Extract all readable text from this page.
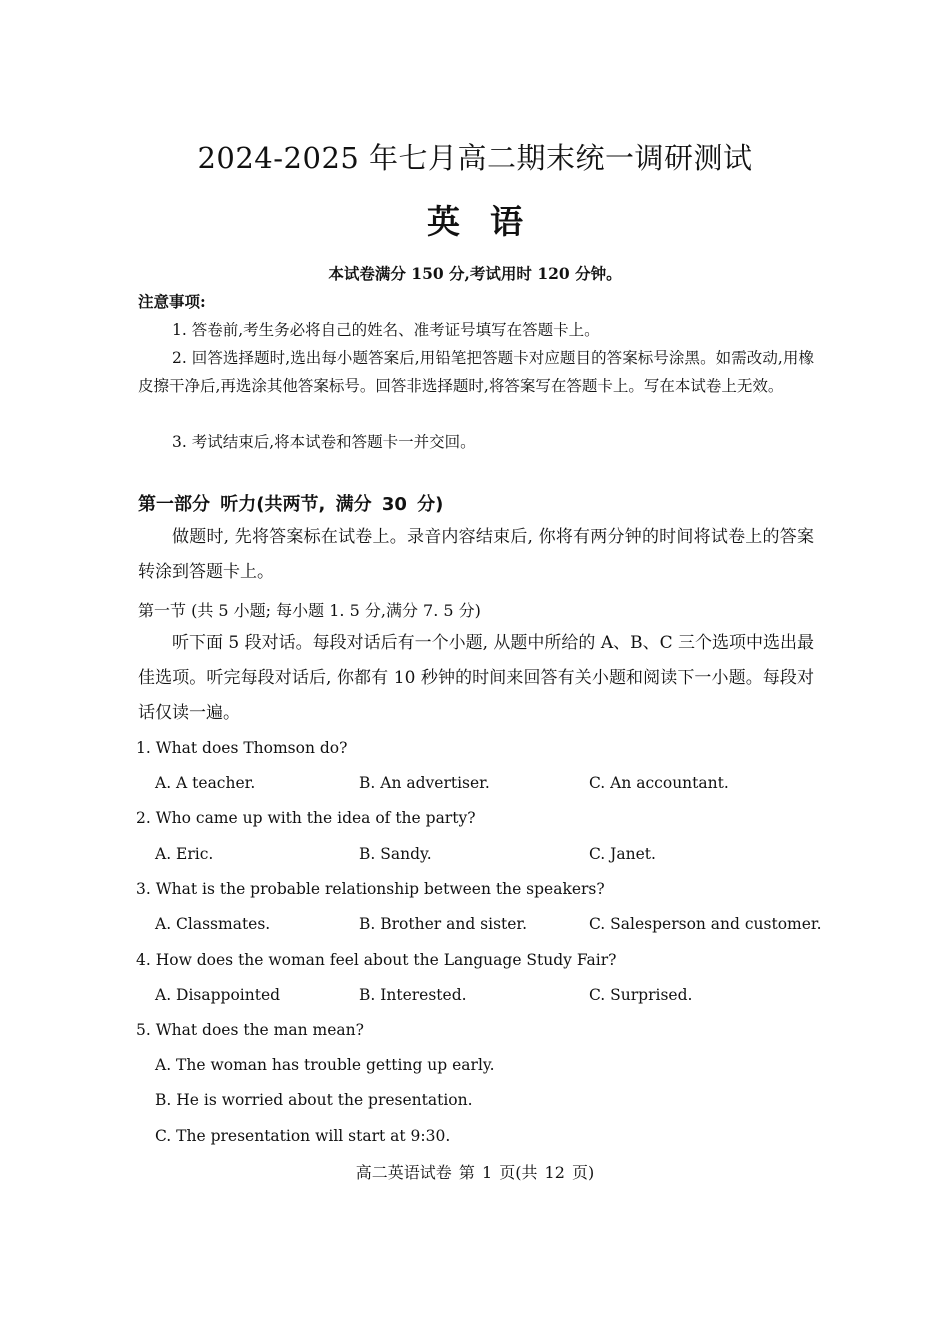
2024-2025 年七月高二期末统一调研测试
英语
本试卷满分 150 分,考试用时 120 分钟。
注意事项:

1. 答卷前,考生务必将自己的姓名、准考证号填写在答题卡上。

2. 回答选择题时,选出每小题答案后,用铅笔把答题卡对应题目的答案标号涂黑。如需改动,用橡皮擦干净后,再选涂其他答案标号。回答非选择题时,将答案写在答题卡上。写在本试卷上无效。

3. 考试结束后,将本试卷和答题卡一并交回。

第一部分 听力(共两节, 满分 30 分)

做题时, 先将答案标在试卷上。录音内容结束后, 你将有两分钟的时间将试卷上的答案转涂到答题卡上。

第一节 (共 5 小题; 每小题 1. 5 分,满分 7. 5 分)

听下面 5 段对话。每段对话后有一个小题, 从题中所给的 A、B、C 三个选项中选出最佳选项。听完每段对话后, 你都有 10 秒钟的时间来回答有关小题和阅读下一小题。每段对话仅读一遍。

1. What does Thomson do?
A. A teacher.	B. An advertiser.	C. An accountant.
2. Who came up with the idea of the party?
A. Eric.	B. Sandy.	C. Janet.
3. What is the probable relationship between the speakers?
A. Classmates.	B. Brother and sister.	C. Salesperson and customer.
4. How does the woman feel about the Language Study Fair?
A. Disappointed	B. Interested.	C. Surprised.
5. What does the man mean?
A. The woman has trouble getting up early.
B. He is worried about the presentation.
C. The presentation will start at 9:30.
高二英语试卷 第 1 页(共 12 页)
